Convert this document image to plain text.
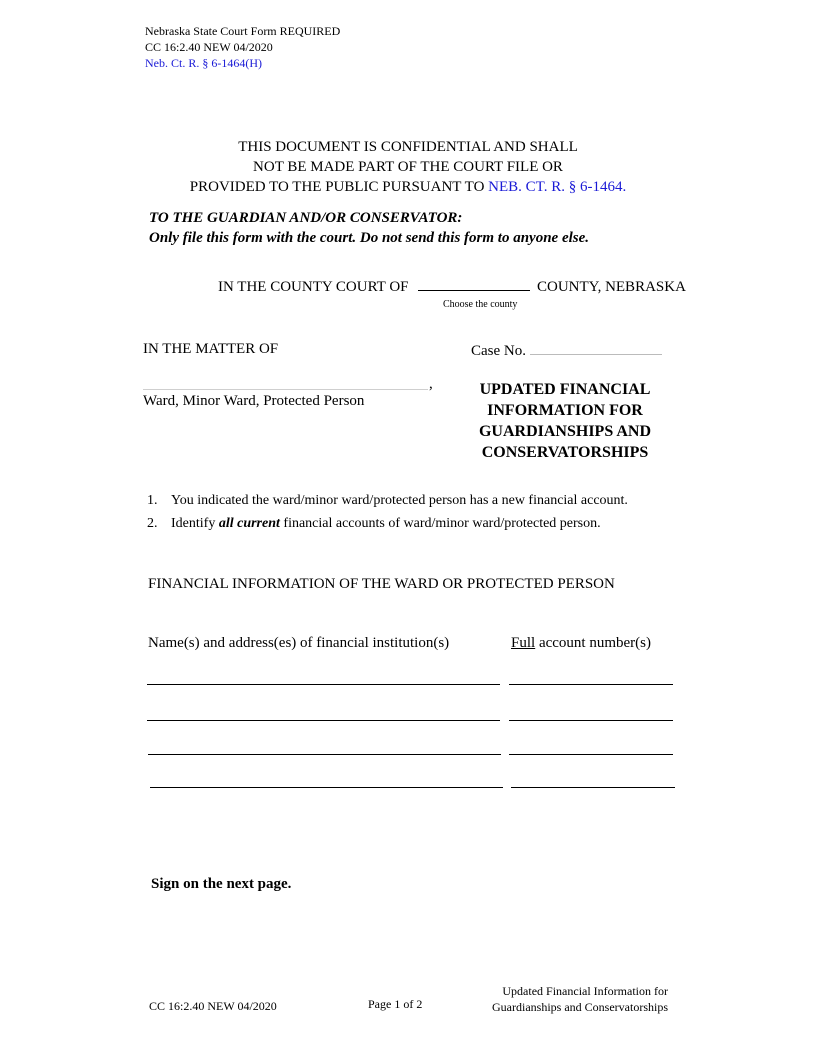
Nebraska State Court Form REQUIRED
CC 16:2.40 NEW 04/2020
Neb. Ct. R. § 6-1464(H)
THIS DOCUMENT IS CONFIDENTIAL AND SHALL
NOT BE MADE PART OF THE COURT FILE OR
PROVIDED TO THE PUBLIC PURSUANT TO NEB. CT. R. § 6-1464.
TO THE GUARDIAN AND/OR CONSERVATOR:
Only file this form with the court. Do not send this form to anyone else.
IN THE COUNTY COURT OF	COUNTY, NEBRASKA
Choose the county
IN THE MATTER OF	Case No.
,
Ward, Minor Ward, Protected Person
UPDATED FINANCIAL
INFORMATION FOR
GUARDIANSHIPS AND
CONSERVATORSHIPS
1. You indicated the ward/minor ward/protected person has a new financial account.
2. Identify all current financial accounts of ward/minor ward/protected person.
FINANCIAL INFORMATION OF THE WARD OR PROTECTED PERSON
Name(s) and address(es) of financial institution(s)	Full account number(s)
Sign on the next page.
CC 16:2.40 NEW 04/2020	Page 1 of 2
Updated Financial Information for
Guardianships and Conservatorships
